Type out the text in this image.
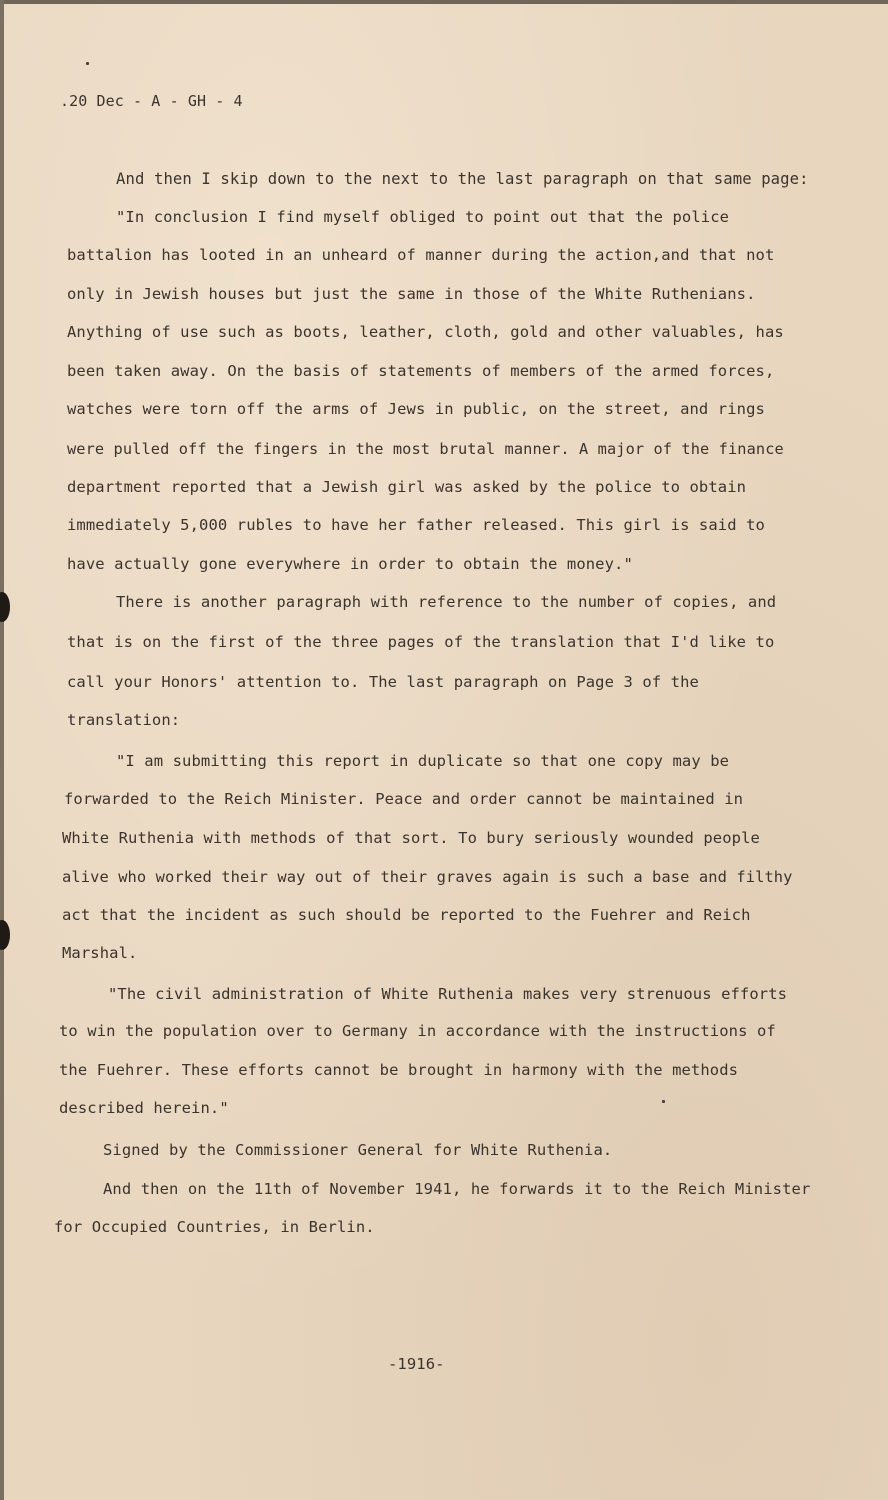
.20 Dec - A - GH - 4
And then I skip down to the next to the last paragraph on that same page:
"In conclusion I find myself obliged to point out that the police
battalion has looted in an unheard of manner during the action,and that not
only in Jewish houses but just the same in those of the White Ruthenians.
Anything of use such as boots, leather, cloth, gold and other valuables, has
been taken away. On the basis of statements of members of the armed forces,
watches were torn off the arms of Jews in public, on the street, and rings
were pulled off the fingers in the most brutal manner. A major of the finance
department reported that a Jewish girl was asked by the police to obtain
immediately 5,000 rubles to have her father released. This girl is said to
have actually gone everywhere in order to obtain the money."
There is another paragraph with reference to the number of copies, and
that is on the first of the three pages of the translation that I'd like to
call your Honors' attention to. The last paragraph on Page 3 of the
translation:
"I am submitting this report in duplicate so that one copy may be
forwarded to the Reich Minister. Peace and order cannot be maintained in
White Ruthenia with methods of that sort. To bury seriously wounded people
alive who worked their way out of their graves again is such a base and filthy
act that the incident as such should be reported to the Fuehrer and Reich
Marshal.
"The civil administration of White Ruthenia makes very strenuous efforts
to win the population over to Germany in accordance with the instructions of
the Fuehrer. These efforts cannot be brought in harmony with the methods
described herein."
Signed by the Commissioner General for White Ruthenia.
And then on the 11th of November 1941, he forwards it to the Reich Minister
for Occupied Countries, in Berlin.
-1916-
